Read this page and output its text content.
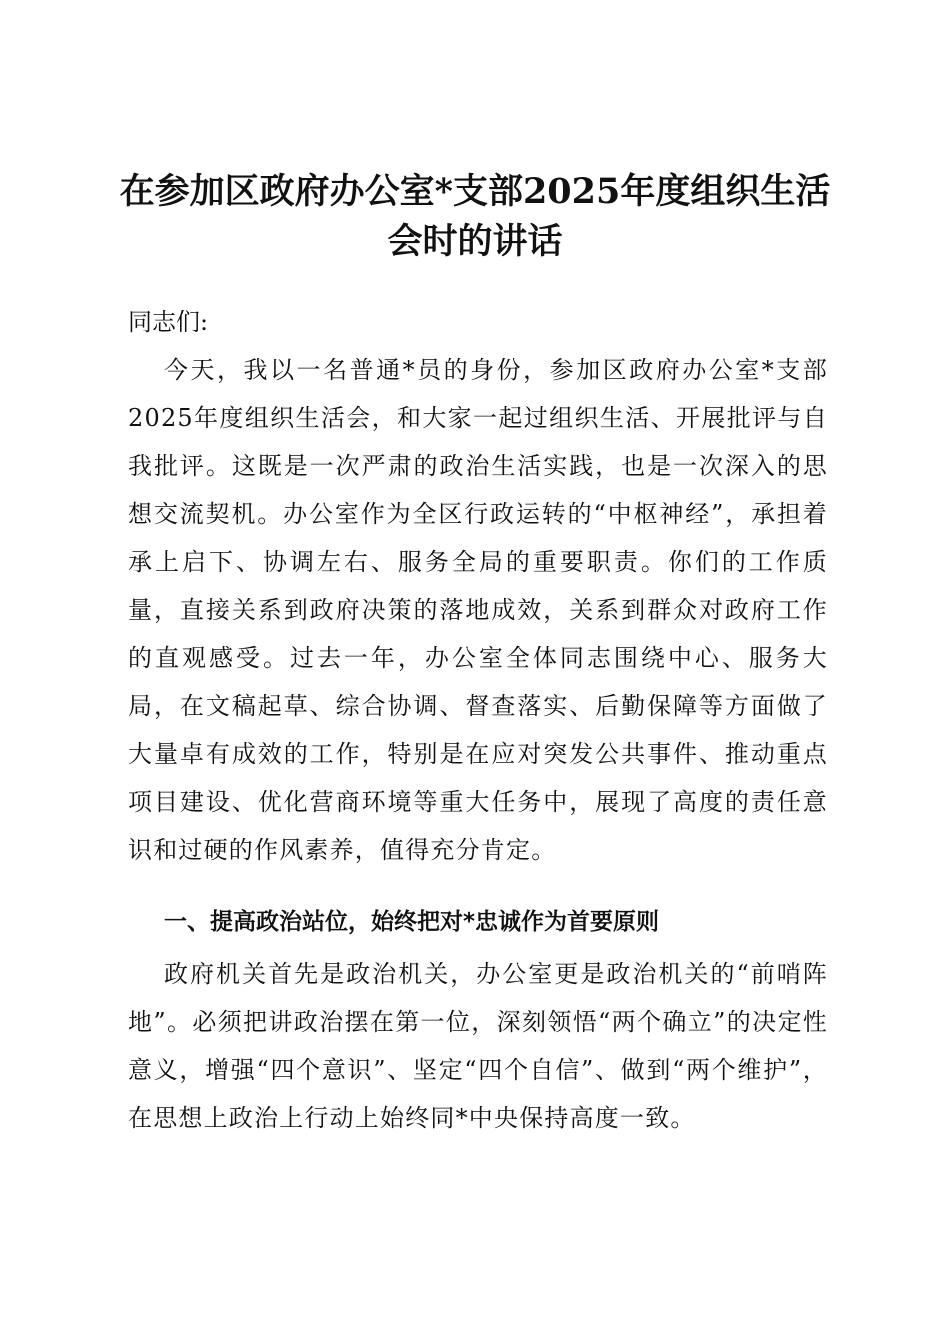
在参加区政府办公室*支部2025年度组织生活
会时的讲话

同志们:

今天，我以一名普通*员的身份，参加区政府办公室*支部2025年度组织生活会，和大家一起过组织生活、开展批评与自我批评。这既是一次严肃的政治生活实践，也是一次深入的思想交流契机。办公室作为全区行政运转的“中枢神经”，承担着承上启下、协调左右、服务全局的重要职责。你们的工作质量，直接关系到政府决策的落地成效，关系到群众对政府工作的直观感受。过去一年，办公室全体同志围绕中心、服务大局，在文稿起草、综合协调、督查落实、后勤保障等方面做了大量卓有成效的工作，特别是在应对突发公共事件、推动重点项目建设、优化营商环境等重大任务中，展现了高度的责任意识和过硬的作风素养，值得充分肯定。

一、提高政治站位，始终把对*忠诚作为首要原则

政府机关首先是政治机关，办公室更是政治机关的“前哨阵地”。必须把讲政治摆在第一位，深刻领悟“两个确立”的决定性意义，增强“四个意识”、坚定“四个自信”、做到“两个维护”，在思想上政治上行动上始终同*中央保持高度一致。
